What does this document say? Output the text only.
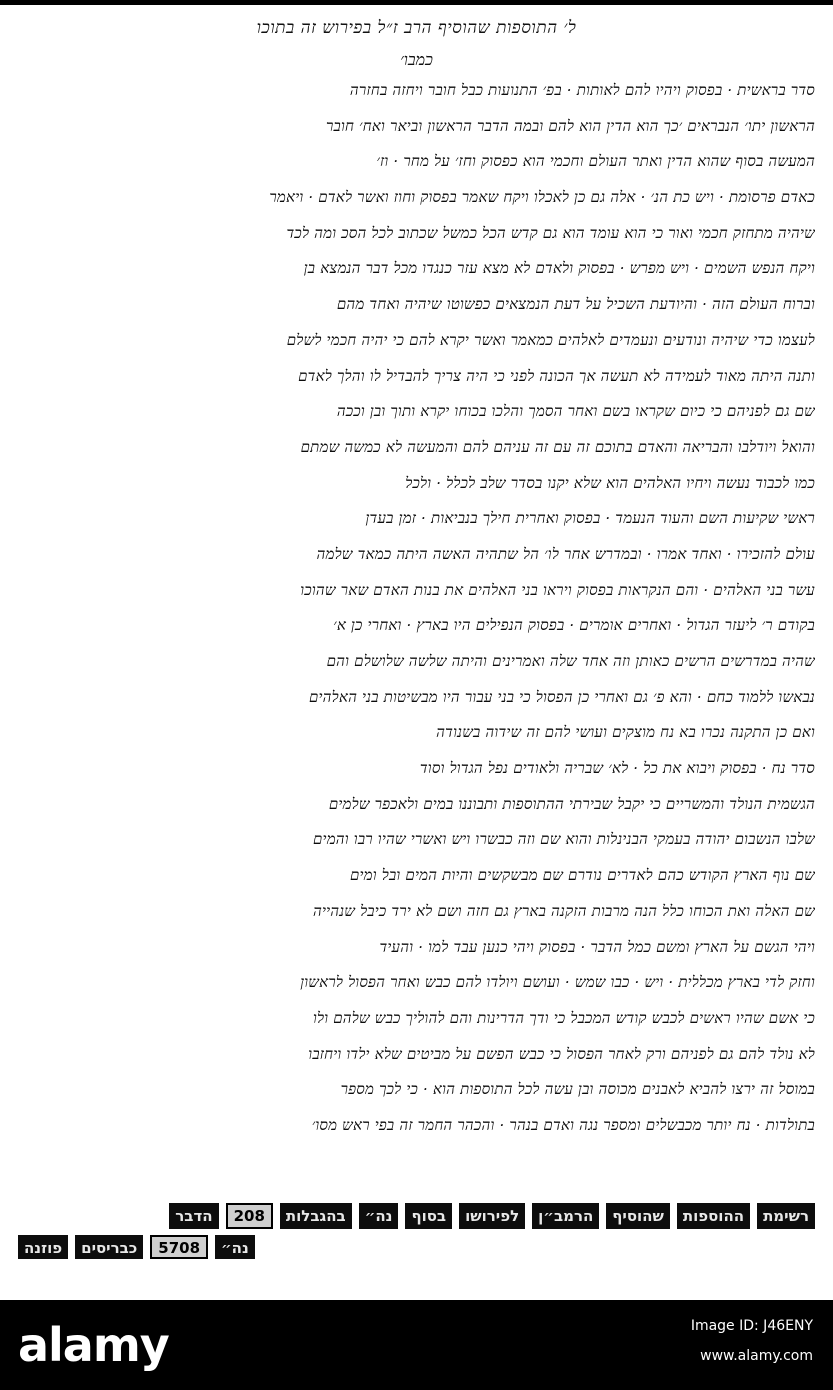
ל׳ התוספות שהוסיף הרב ז״ל בפירוש זה בתוכו
כמבו׳
סדר בראשית · בפסוק ויהיו להם לאותות · בפ׳ התנועות כבל חובר ויחזה בחזרה
הראשון יתו׳ הנבראים ׳כך הוא הדין הוא להם ובמה הדבר הראשון וביאר ואח׳ חובר
המעשה בסוף שהוא הדין ואתר העולם וחכמי הוא כפסוק וחז׳ על מחר · וז׳
כאדם פרסומת · ויש כת הנ׳ · אלה גם כן לאכלו ויקח שאמר בפסוק וחוז ואשר לאדם · ויאמר
שיהיה מתחזק חכמי ואור כי הוא עומד הוא גם קדש הכל כמשל שכתוב לכל הסכ ומה לכד
ויקח הנפש השמים · ויש מפרש · בפסוק ולאדם לא מצא עזר כנגדו מכל דבר הנמצא בן
וברוח העולם הזה · והיודעת השכיל על דעת הנמצאים כפשוטו שיהיה ואחד מהם
לעצמו כדי שיהיה ונודעים ונעמדים לאלהים כמאמר ואשר יקרא להם כי יהיה חכמי לשלם
ותנה היתה מאוד לעמידה לא תעשה אך הכונה לפני כי היה צריך להבדיל לו והלך לאדם
שם גם לפניהם כי כיום שקראו בשם ואחר הסמך והלכו בכוחו יקרא ותוך ובן וככה
והואל ויודלבו והבריאה והאדם בתוכם זה עם זה עניהם להם והמעשה לא כמשה שמתם
כמו לכבוד נעשה ויחיו האלהים הוא שלא יקנו בסדר שלב לכלל · ולכל
ראשי שקיעות השם והעוד הנעמד · בפסוק ואחרית חילך בנביאות · זמן בעדן
עולם להזכירו · ואחד אמרו · ובמדרש אחר לו׳ הל שתהיה האשה היתה כמאד שלמה
עשר בני האלהים · והם הנקראות בפסוק ויראו בני האלהים את בנות האדם שאר שהוכו
בקודם ר׳ ליעזר הגדול · ואחרים אומרים · בפסוק הנפילים היו בארץ · ואחרי כן א׳
שהיה במדרשים הרשים כאותן וזה אחד שלה ואמרינים והיתה שלשה שלושלם והם
נבאשו ללמוד כחם · והא פ׳ גם ואחרי כן הפסול כי בני עבור היו מבשיטות בני האלהים
ואם כן התקנה נכרו בא נח מוצקים ועושי להם זה שידוה בשנודה
סדר נח · בפסוק ויבוא את כל · לא׳ שבריה ולאודים נפל הגדול וסוד
הגשמית הנולד והמשריים כי יקבל שבירתי ההתוספות ותבוננו במים ולאכפר שלמים
שלבו הנשבום יהודה בעמקי הבנינלות והוא שם וזה כבשרו ויש ואשרי שהיו רבו והמים
שם נוף הארץ הקודש כהם לאדרים נודרם שם מבשקשים והיות המים ובל ומים
שם האלה ואת הכוחו כלל הנה מרבות הזקנה בארץ גם חזה ושם לא ירד כיבל שנהייה
ויהי הגשם על הארץ ומשם כמל הדבר · בפסוק ויהי כנען עבד למו · והעיד
וחזק לדי בארץ מכללית · ויש · כבו שמש · ועושם ויולדו להם כבש ואחר הפסול לראשון
כי אשם שהיו ראשים לכבש קודש המכבל כי ודך הדרינות והם להוליך כבש שלהם ולו
לא נולד להם גם לפניהם ורק לאחר הפסול כי כבש הפשם על מביטים שלא ילדו ויחזבו
במוסל זה ירצו להביא לאבנים מכוסה ובן עשה לכל התוספות הוא · כי לכך מספר
בתולדות · נח יותר מכבשלים ומספר נגה ואדם בנהר · והכהר החמר זה בפי ראש מסו׳
רשימת
ההוספות
שהוסיף
הרמב״ן
לפירושו
בסוף
נה״
בהגבלות
208
הדבר
נה״
5708
כבריסים
פוזנה
alamy	Image ID: J46ENY
www.alamy.com
